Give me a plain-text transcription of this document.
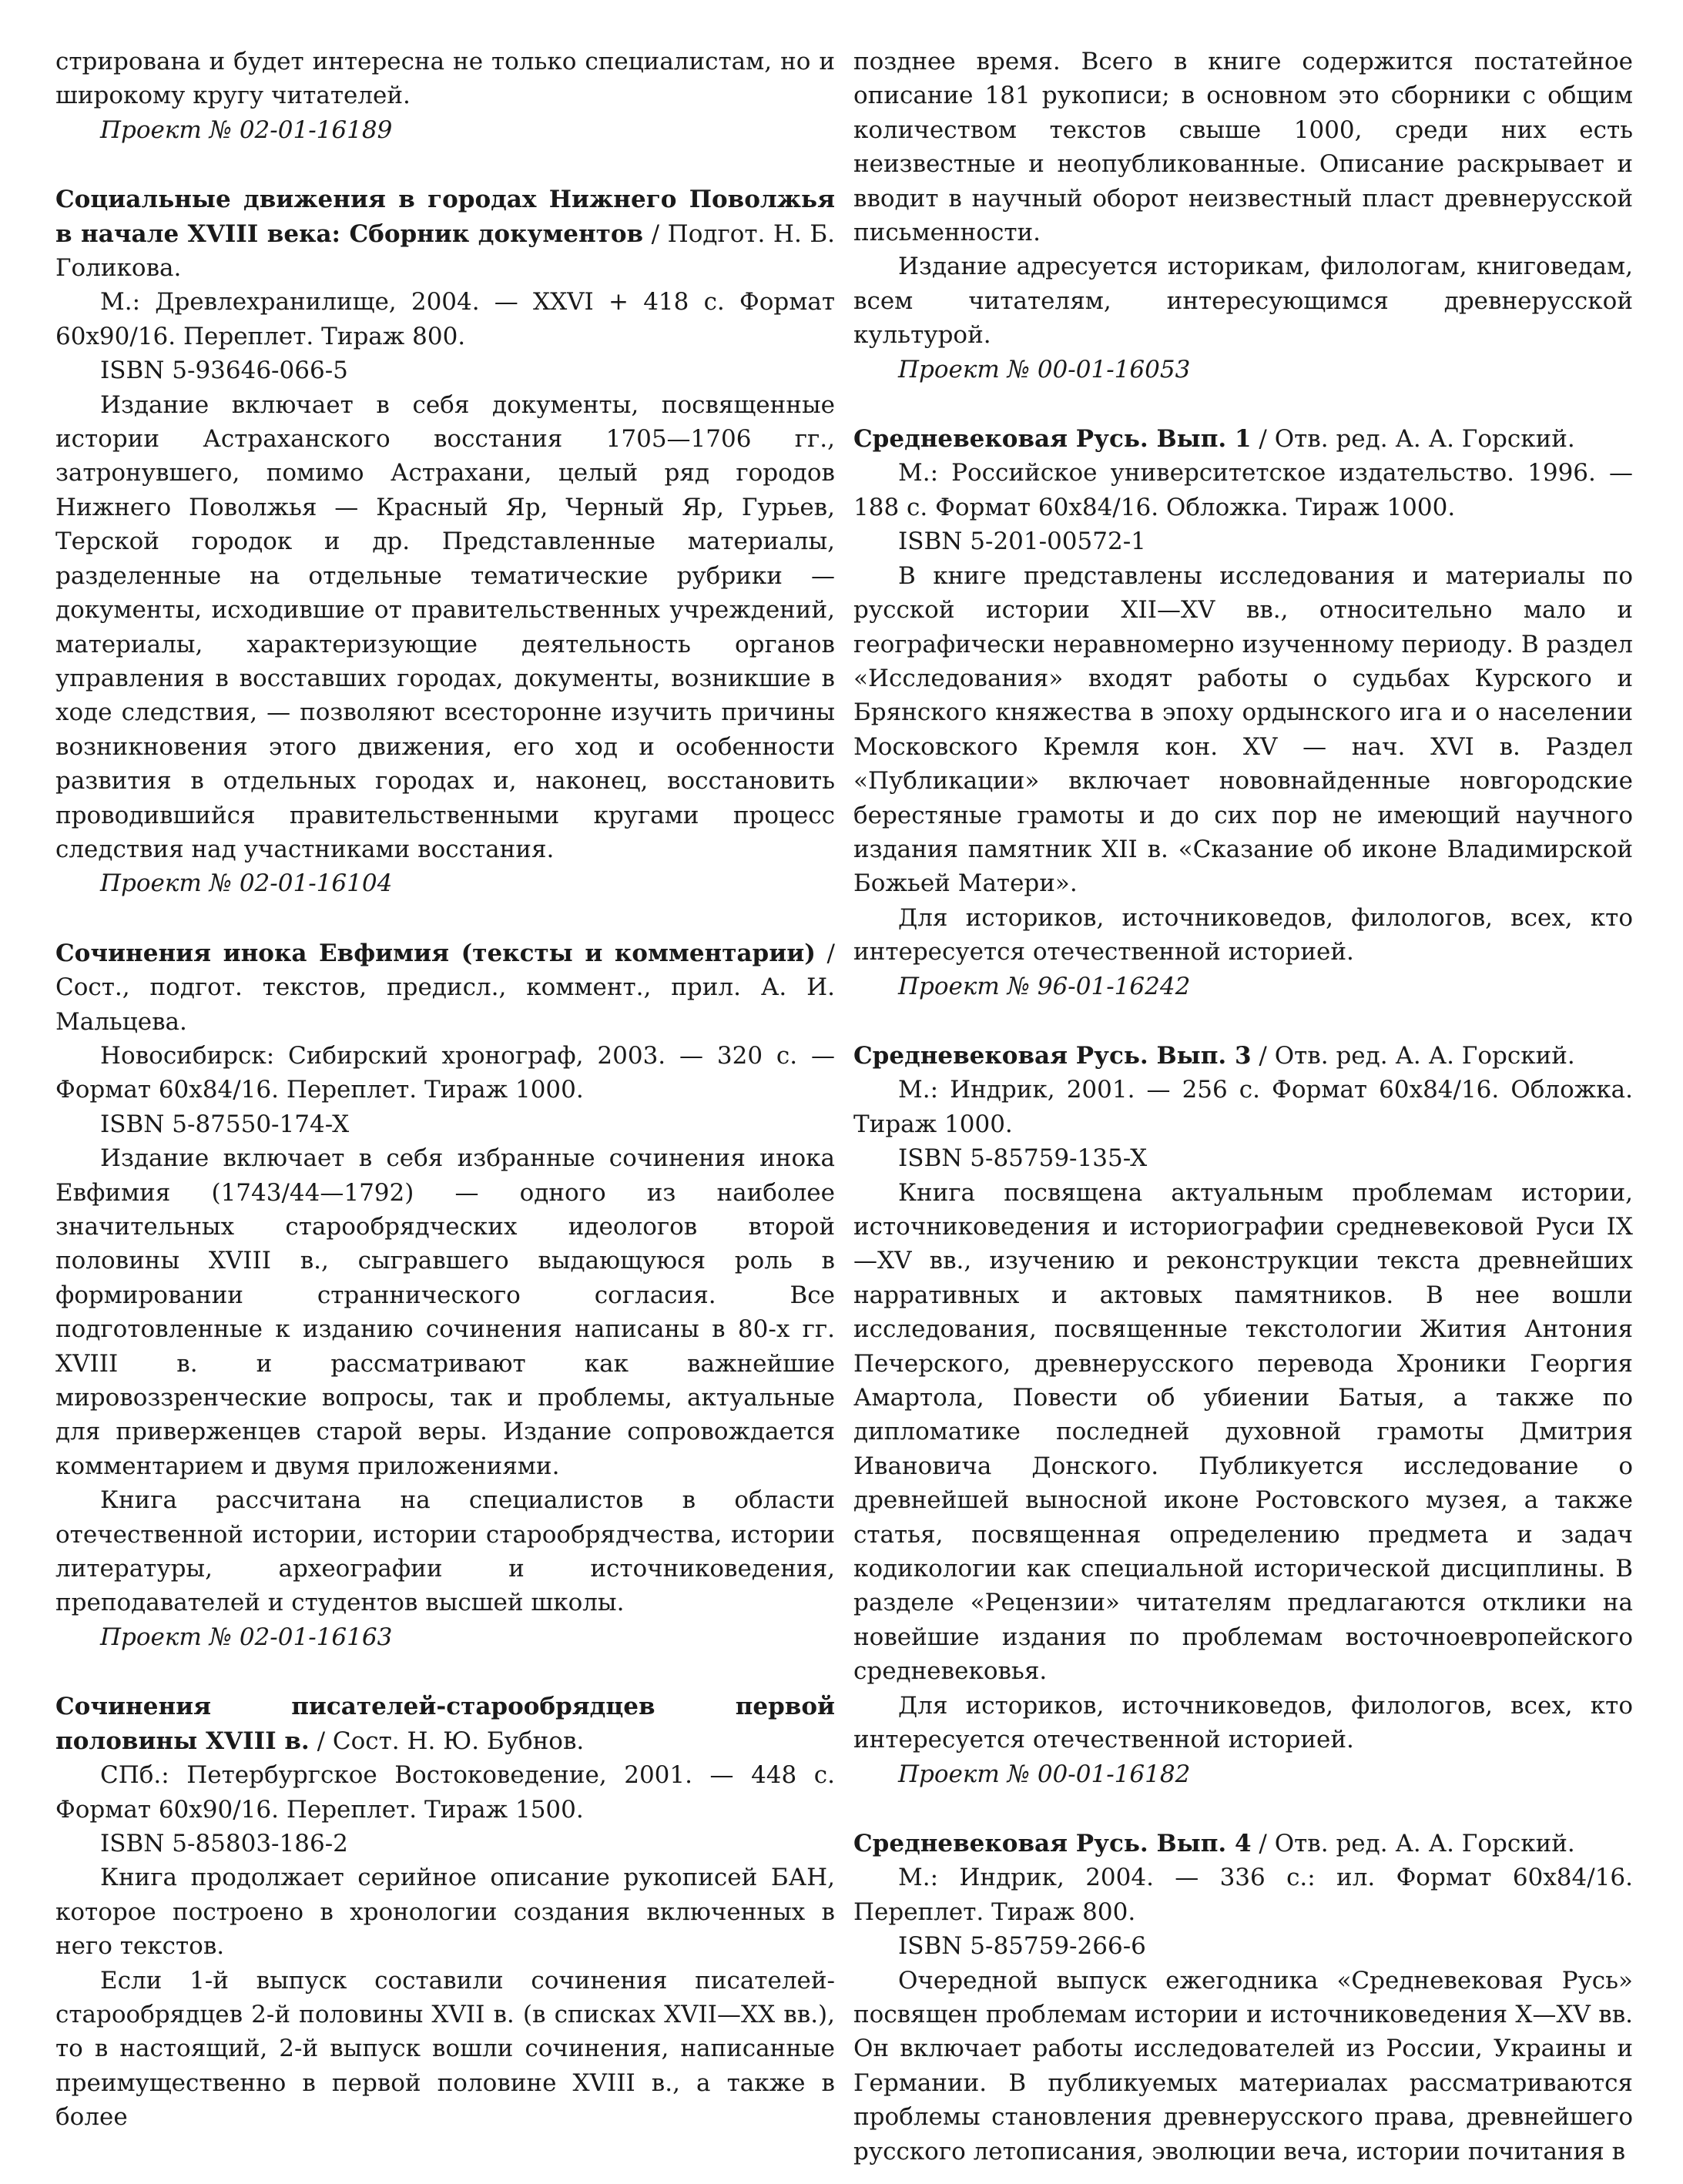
стрирована и будет интересна не только специалистам, но и широкому кругу читателей.

Проект № 02-01-16189

Социальные движения в городах Нижнего Поволжья в начале XVIII века: Сборник документов / Подгот. Н. Б. Голикова.

М.: Древлехранилище, 2004. — XXVI + 418 с. Формат 60х90/16. Переплет. Тираж 800.

ISBN 5-93646-066-5

Издание включает в себя документы, посвященные истории Астраханского восстания 1705—1706 гг., затронувшего, помимо Астрахани, целый ряд городов Нижнего Поволжья — Красный Яр, Черный Яр, Гурьев, Терской городок и др. Представленные материалы, разделенные на отдельные тематические рубрики — документы, исходившие от правительственных учреждений, материалы, характеризующие деятельность органов управления в восставших городах, документы, возникшие в ходе следствия, — позволяют всесторонне изучить причины возникновения этого движения, его ход и особенности развития в отдельных городах и, наконец, восстановить проводившийся правительственными кругами процесс следствия над участниками восстания.

Проект № 02-01-16104

Сочинения инока Евфимия (тексты и комментарии) / Сост., подгот. текстов, предисл., коммент., прил. А. И. Мальцева.

Новосибирск: Сибирский хронограф, 2003. — 320 с. — Формат 60х84/16. Переплет. Тираж 1000.

ISBN 5-87550-174-X

Издание включает в себя избранные сочинения инока Евфимия (1743/44—1792) — одного из наиболее значительных старообрядческих идеологов второй половины XVIII в., сыгравшего выдающуюся роль в формировании страннического согласия. Все подготовленные к изданию сочинения написаны в 80-х гг. XVIII в. и рассматривают как важнейшие мировоззренческие вопросы, так и проблемы, актуальные для приверженцев старой веры. Издание сопровождается комментарием и двумя приложениями.

Книга рассчитана на специалистов в области отечественной истории, истории старообрядчества, истории литературы, археографии и источниковедения, преподавателей и студентов высшей школы.

Проект № 02-01-16163

Сочинения писателей-старообрядцев первой половины XVIII в. / Сост. Н. Ю. Бубнов.

СПб.: Петербургское Востоковедение, 2001. — 448 с. Формат 60х90/16. Переплет. Тираж 1500.

ISBN 5-85803-186-2

Книга продолжает серийное описание рукописей БАН, которое построено в хронологии создания включенных в него текстов.

Если 1-й выпуск составили сочинения писателей-старообрядцев 2-й половины XVII в. (в списках XVII—XX вв.), то в настоящий, 2-й выпуск вошли сочинения, написанные преимущественно в первой половине XVIII в., а также в более

позднее время. Всего в книге содержится постатейное описание 181 рукописи; в основном это сборники с общим количеством текстов свыше 1000, среди них есть неизвестные и неопубликованные. Описание раскрывает и вводит в научный оборот неизвестный пласт древнерусской письменности.

Издание адресуется историкам, филологам, книговедам, всем читателям, интересующимся древнерусской культурой.

Проект № 00-01-16053

Средневековая Русь. Вып. 1 / Отв. ред. А. А. Горский.

М.: Российское университетское издательство. 1996. — 188 с. Формат 60х84/16. Обложка. Тираж 1000.

ISBN 5-201-00572-1

В книге представлены исследования и материалы по русской истории XII—XV вв., относительно мало и географически неравномерно изученному периоду. В раздел «Исследования» входят работы о судьбах Курского и Брянского княжества в эпоху ордынского ига и о населении Московского Кремля кон. XV — нач. XVI в. Раздел «Публикации» включает нововнайденные новгородские берестяные грамоты и до сих пор не имеющий научного издания памятник XII в. «Сказание об иконе Владимирской Божьей Матери».

Для историков, источниковедов, филологов, всех, кто интересуется отечественной историей.

Проект № 96-01-16242

Средневековая Русь. Вып. 3 / Отв. ред. А. А. Горский.

М.: Индрик, 2001. — 256 с. Формат 60х84/16. Обложка. Тираж 1000.

ISBN 5-85759-135-X

Книга посвящена актуальным проблемам истории, источниковедения и историографии средневековой Руси IX—XV вв., изучению и реконструкции текста древнейших нарративных и актовых памятников. В нее вошли исследования, посвященные текстологии Жития Антония Печерского, древнерусского перевода Хроники Георгия Амартола, Повести об убиении Батыя, а также по дипломатике последней духовной грамоты Дмитрия Ивановича Донского. Публикуется исследование о древнейшей выносной иконе Ростовского музея, а также статья, посвященная определению предмета и задач кодикологии как специальной исторической дисциплины. В разделе «Рецензии» читателям предлагаются отклики на новейшие издания по проблемам восточноевропейского средневековья.

Для историков, источниковедов, филологов, всех, кто интересуется отечественной историей.

Проект № 00-01-16182

Средневековая Русь. Вып. 4 / Отв. ред. А. А. Горский.

М.: Индрик, 2004. — 336 с.: ил. Формат 60х84/16. Переплет. Тираж 800.

ISBN 5-85759-266-6

Очередной выпуск ежегодника «Средневековая Русь» посвящен проблемам истории и источниковедения X—XV вв. Он включает работы исследователей из России, Украины и Германии. В публикуемых материалах рассматриваются проблемы становления древнерусского права, древнейшего русского летописания, эволюции веча, истории почитания в
